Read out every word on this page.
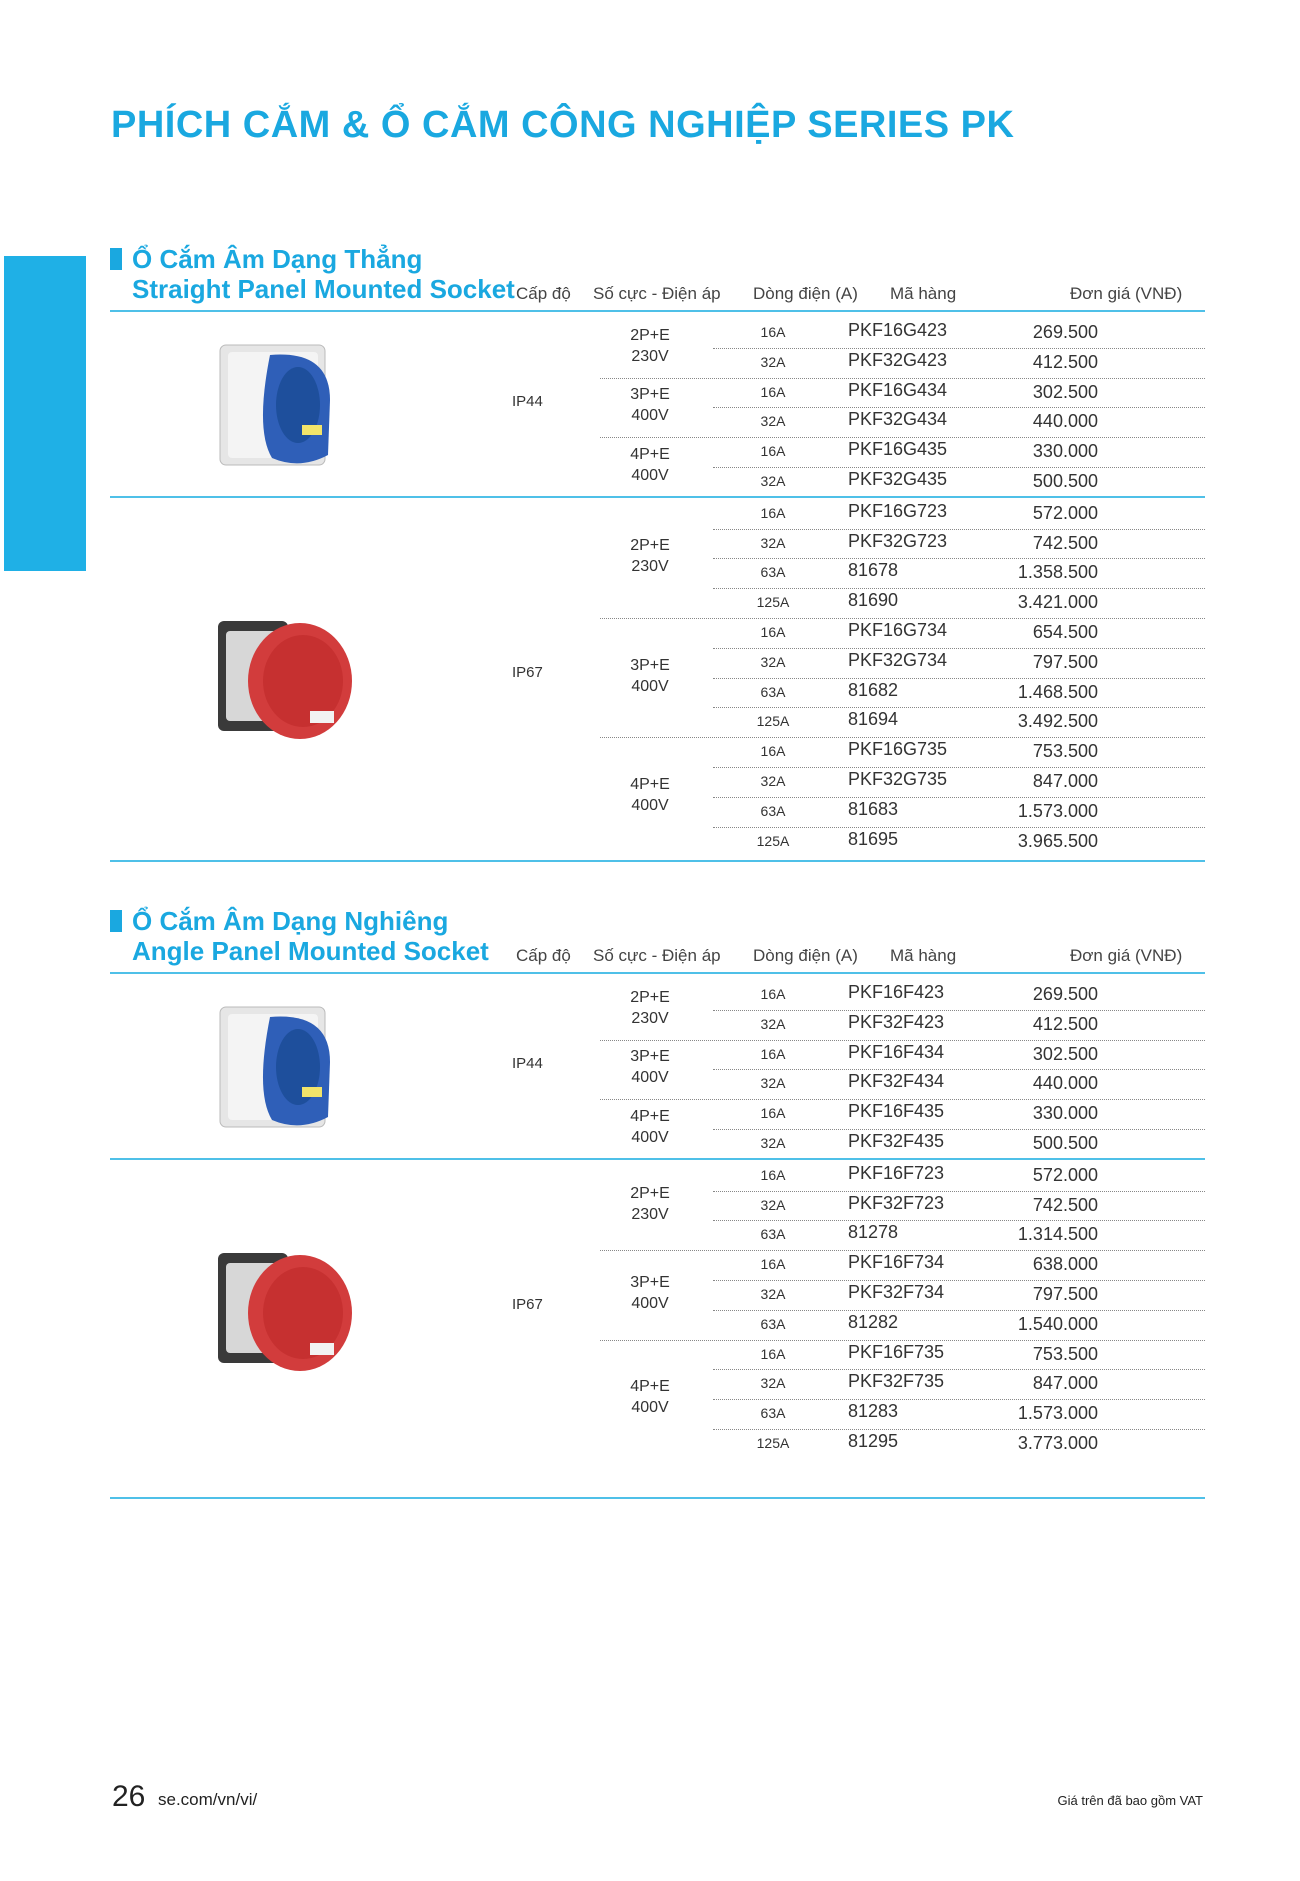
PHÍCH CẮM & Ổ CẮM CÔNG NGHIỆP SERIES PK
Ổ Cắm Âm Dạng Thẳng
Straight Panel Mounted Socket Cấp độ Số cực - Điện áp Dòng điện (A) Mã hàng	Đơn giá (VNĐ)
IP44
2P+E
230V
16A	PKF16G423	269.500
32A	PKF32G423	412.500
3P+E
400V
16A	PKF16G434	302.500
32A	PKF32G434	440.000
4P+E
400V
16A	PKF16G435	330.000
32A	PKF32G435	500.500
IP67
2P+E
230V
16A	PKF16G723	572.000
32A	PKF32G723	742.500
63A	81678	1.358.500
125A	81690	3.421.000
3P+E
400V
16A	PKF16G734	654.500
32A	PKF32G734	797.500
63A	81682	1.468.500
125A	81694	3.492.500
4P+E
400V
16A	PKF16G735	753.500
32A	PKF32G735	847.000
63A	81683	1.573.000
125A	81695	3.965.500
Ổ Cắm Âm Dạng Nghiêng
Angle Panel Mounted Socket Cấp độ Số cực - Điện áp Dòng điện (A) Mã hàng	Đơn giá (VNĐ)
IP44
2P+E
230V
16A	PKF16F423	269.500
32A	PKF32F423	412.500
3P+E
400V
16A	PKF16F434	302.500
32A	PKF32F434	440.000
4P+E
400V
16A	PKF16F435	330.000
32A	PKF32F435	500.500
IP67
2P+E
230V
16A	PKF16F723	572.000
32A	PKF32F723	742.500
63A	81278	1.314.500
3P+E
400V
16A	PKF16F734	638.000
32A	PKF32F734	797.500
63A	81282	1.540.000
4P+E
400V
16A	PKF16F735	753.500
32A	PKF32F735	847.000
63A	81283	1.573.000
125A	81295	3.773.000
26 se.com/vn/vi/	Giá trên đã bao gồm VAT
